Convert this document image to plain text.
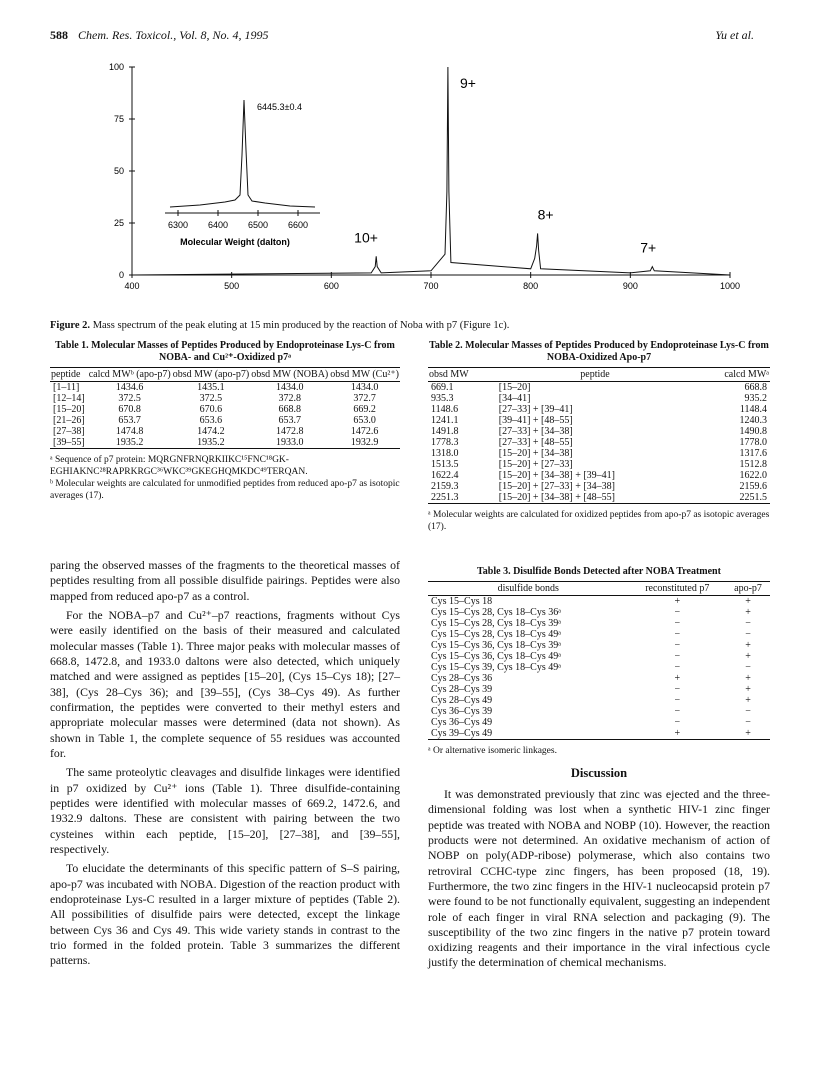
588 Chem. Res. Toxicol., Vol. 8, No. 4, 1995	Yu et al.
0
25
50
75
100
400	500	600	700	800	900	1000
10+
9+
8+
7+
6300 6400 6500 6600
6445.3±0.4
Molecular Weight (dalton)
Figure 2. Mass spectrum of the peak eluting at 15 min produced by the reaction of Noba with p7 (Figure 1c).
Table 1. Molecular Masses of Peptides Produced by Endoproteinase Lys-C from NOBA- and Cu²⁺-Oxidized p7ᵃ
peptide	calcd MWᵇ (apo-p7)	obsd MW (apo-p7)	obsd MW (NOBA)	obsd MW (Cu²⁺)
[1–11]	1434.6	1435.1	1434.0	1434.0
[12–14]	372.5	372.5	372.8	372.7
[15–20]	670.8	670.6	668.8	669.2
[21–26]	653.7	653.6	653.7	653.0
[27–38]	1474.8	1474.2	1472.8	1472.6
[39–55]	1935.2	1935.2	1933.0	1932.9
ᵃ Sequence of p7 protein: MQRGNFRNQRKIIKC¹⁵FNC¹⁸GK-EGHIAKNC²⁸RAPRKRGC³⁶WKC³⁹GKEGHQMKDC⁴⁹TERQAN.
ᵇ Molecular weights are calculated for unmodified peptides from reduced apo-p7 as isotopic averages (17).
Table 2. Molecular Masses of Peptides Produced by Endoproteinase Lys-C from NOBA-Oxidized Apo-p7
obsd MW	peptide	calcd MWᵃ
669.1	[15–20]	668.8
935.3	[34–41]	935.2
1148.6	[27–33] + [39–41]	1148.4
1241.1	[39–41] + [48–55]	1240.3
1491.8	[27–33] + [34–38]	1490.8
1778.3	[27–33] + [48–55]	1778.0
1318.0	[15–20] + [34–38]	1317.6
1513.5	[15–20] + [27–33]	1512.8
1622.4	[15–20] + [34–38] + [39–41]	1622.0
2159.3	[15–20] + [27–33] + [34–38]	2159.6
2251.3	[15–20] + [34–38] + [48–55]	2251.5
ᵃ Molecular weights are calculated for oxidized peptides from apo-p7 as isotopic averages (17).

paring the observed masses of the fragments to the theoretical masses of peptides resulting from all possible disulfide pairings. Peptides were also mapped from reduced apo-p7 as a control.

For the NOBA–p7 and Cu²⁺–p7 reactions, fragments without Cys were easily identified on the basis of their measured and calculated molecular masses (Table 1). Three major peaks with molecular masses of 668.8, 1472.8, and 1933.0 daltons were also detected, which uniquely matched and were assigned as peptides [15–20], (Cys 15–Cys 18); [27–38], (Cys 28–Cys 36); and [39–55], (Cys 38–Cys 49). As further confirmation, the peptides were converted to their methyl esters and appropriate molecular masses were determined (data not shown). As shown in Table 1, the complete sequence of 55 residues was accounted for.

The same proteolytic cleavages and disulfide linkages were identified in p7 oxidized by Cu²⁺ ions (Table 1). Three disulfide-containing peptides were identified with molecular masses of 669.2, 1472.6, and 1932.9 daltons. These are consistent with pairing between the two cysteines within each peptide, [15–20], [27–38], and [39–55], respectively.

To elucidate the determinants of this specific pattern of S–S pairing, apo-p7 was incubated with NOBA. Digestion of the reaction product with endoproteinase Lys-C resulted in a larger mixture of peptides (Table 2). All possibilities of disulfide pairs were detected, except the linkage between Cys 36 and Cys 49. This wide variety stands in contrast to the trio formed in the folded protein. Table 3 summarizes the different patterns.

Table 3. Disulfide Bonds Detected after NOBA Treatment
disulfide bonds	reconstituted p7	apo-p7
Cys 15–Cys 18	+	+
Cys 15–Cys 28, Cys 18–Cys 36ᵃ	−	+
Cys 15–Cys 28, Cys 18–Cys 39ᵃ	−	−
Cys 15–Cys 28, Cys 18–Cys 49ᵃ	−	−
Cys 15–Cys 36, Cys 18–Cys 39ᵃ	−	+
Cys 15–Cys 36, Cys 18–Cys 49ᵃ	−	+
Cys 15–Cys 39, Cys 18–Cys 49ᵃ	−	−
Cys 28–Cys 36	+	+
Cys 28–Cys 39	−	+
Cys 28–Cys 49	−	+
Cys 36–Cys 39	−	−
Cys 36–Cys 49	−	−
Cys 39–Cys 49	+	+
ᵃ Or alternative isomeric linkages.
Discussion

It was demonstrated previously that zinc was ejected and the three-dimensional folding was lost when a synthetic HIV-1 zinc finger peptide was treated with NOBA and NOBP (10). However, the reaction products were not determined. An oxidative mechanism of action of NOBP on poly(ADP-ribose) polymerase, which also contains two retroviral CCHC-type zinc fingers, has been proposed (18, 19). Furthermore, the two zinc fingers in the HIV-1 nucleocapsid protein p7 were found to be not functionally equivalent, suggesting an independent role of each finger in viral RNA selection and packaging (9). The susceptibility of the two zinc fingers in the native p7 protein toward oxidizing reagents and their importance in the viral infectious cycle justify the determination of chemical mechanisms.
